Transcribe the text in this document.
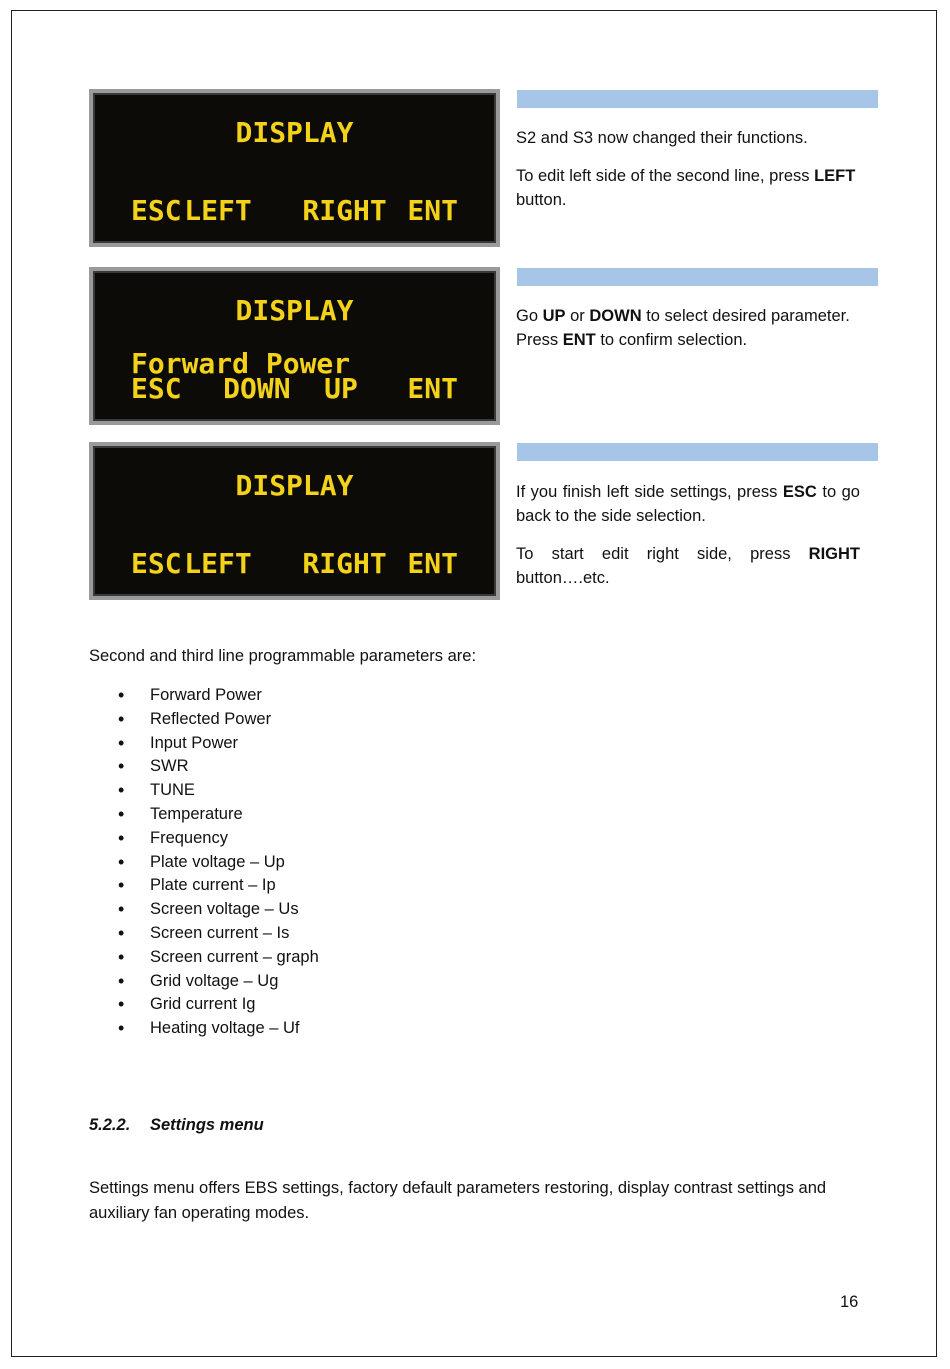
DISPLAY
ESC LEFT RIGHT ENT

S2 and S3 now changed their functions.

To edit left side of the second line, press LEFT button.

DISPLAY
Forward Power
ESC DOWN UP ENT

Go UP or DOWN to select desired parameter. Press ENT to confirm selection.

DISPLAY
ESC LEFT RIGHT ENT

If you finish left side settings, press ESC to go back to the side selection.

To start edit right side, press RIGHT button….etc.

Second and third line programmable parameters are:
• Forward Power
• Reflected Power
• Input Power
• SWR
• TUNE
• Temperature
• Frequency
• Plate voltage – Up
• Plate current – Ip
• Screen voltage – Us
• Screen current – Is
• Screen current – graph
• Grid voltage – Ug
• Grid current Ig
• Heating voltage – Uf
5.2.2. Settings menu
Settings menu offers EBS settings, factory default parameters restoring, display contrast settings and auxiliary fan operating modes.
16
